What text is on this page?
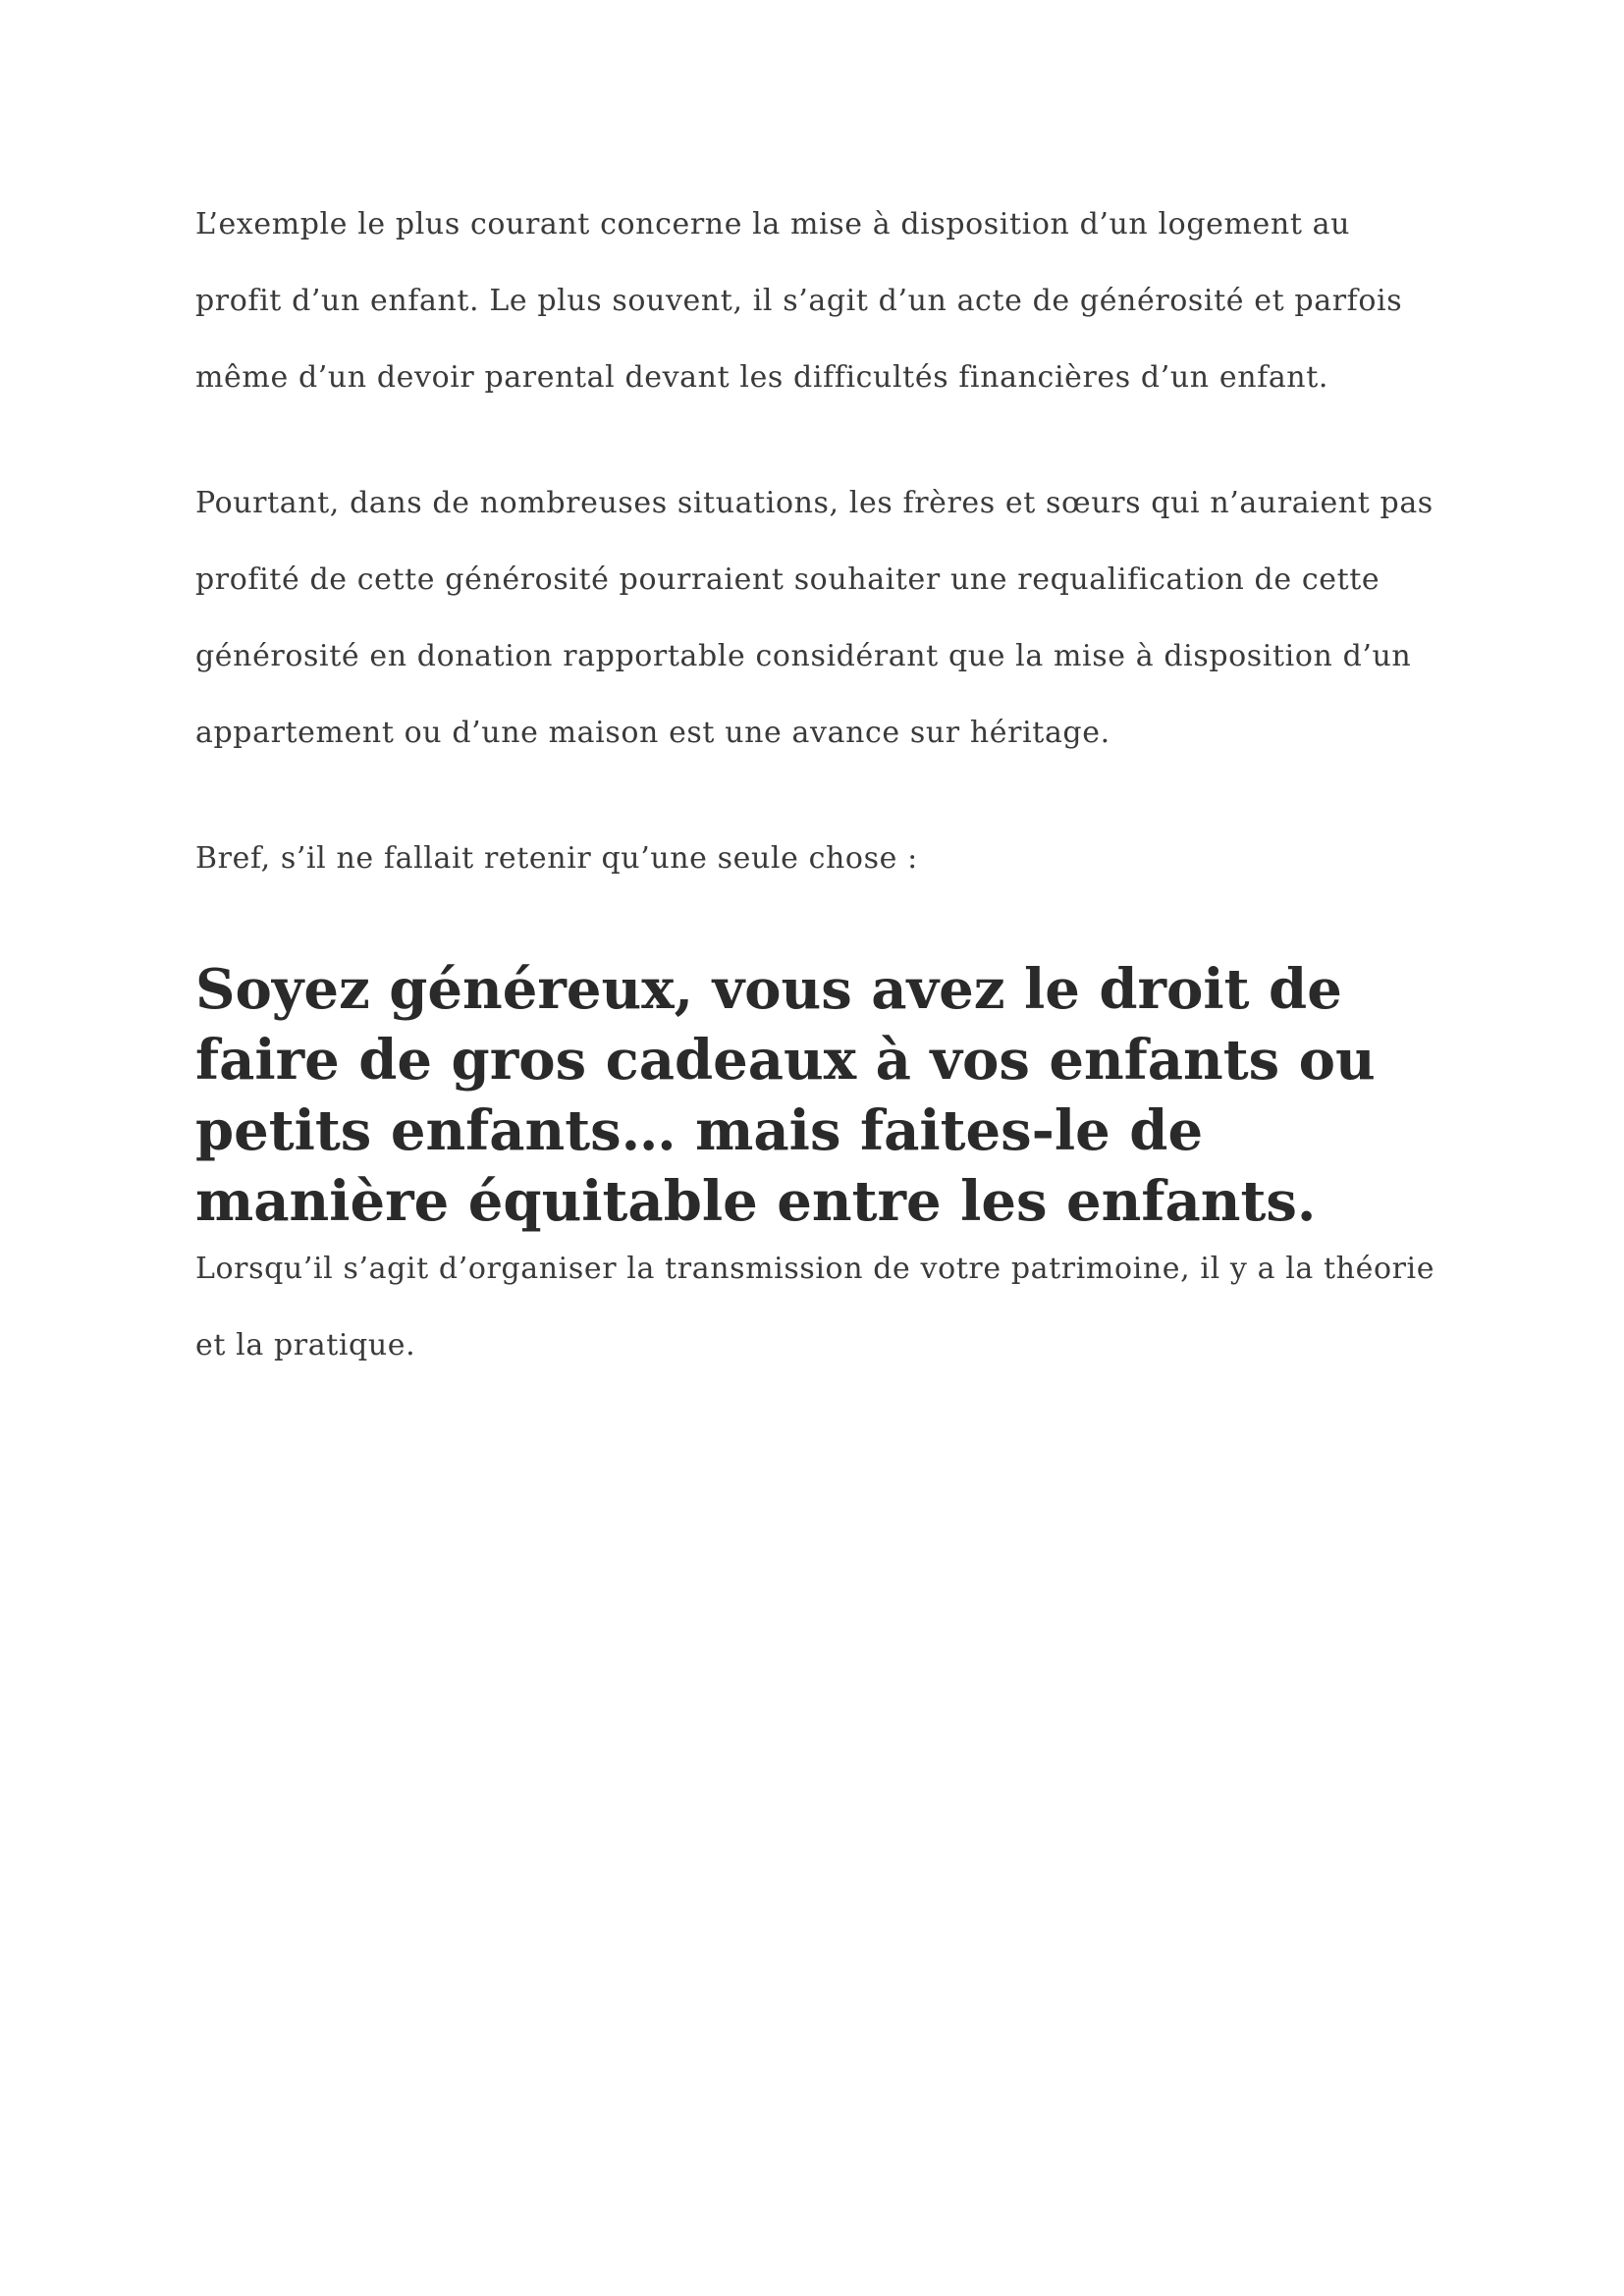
L’exemple le plus courant concerne la mise à disposition d’un logement au profit d’un enfant. Le plus souvent, il s’agit d’un acte de générosité et parfois même d’un devoir parental devant les difficultés financières d’un enfant.

Pourtant, dans de nombreuses situations, les frères et sœurs qui n’auraient pas profité de cette générosité pourraient souhaiter une requalification de cette générosité en donation rapportable considérant que la mise à disposition d’un appartement ou d’une maison est une avance sur héritage.

Bref, s’il ne fallait retenir qu’une seule chose :

Soyez généreux, vous avez le droit de faire de gros cadeaux à vos enfants ou petits enfants… mais faites-le de manière équitable entre les enfants.

Lorsqu’il s’agit d’organiser la transmission de votre patrimoine, il y a la théorie et la pratique.
